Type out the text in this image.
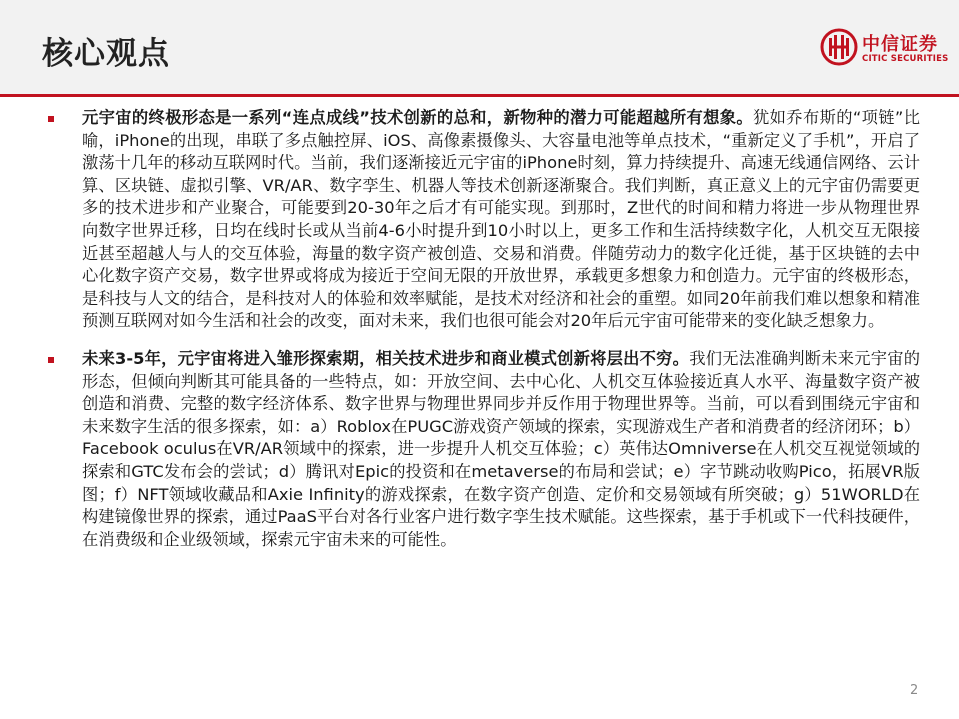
核心观点	中信证券
CITIC SECURITIES
元宇宙的终极形态是一系列“连点成线”技术创新的总和，新物种的潜力可能超越所有想象。犹如乔布斯的“项链”比喻，iPhone的出现，串联了多点触控屏、iOS、高像素摄像头、大容量电池等单点技术，“重新定义了手机”，开启了激荡十几年的移动互联网时代。当前，我们逐渐接近元宇宙的iPhone时刻，算力持续提升、高速无线通信网络、云计算、区块链、虚拟引擎、VR/AR、数字孪生、机器人等技术创新逐渐聚合。我们判断，真正意义上的元宇宙仍需要更多的技术进步和产业聚合，可能要到20-30年之后才有可能实现。到那时，Z世代的时间和精力将进一步从物理世界向数字世界迁移，日均在线时长或从当前4-6小时提升到10小时以上，更多工作和生活持续数字化，人机交互无限接近甚至超越人与人的交互体验，海量的数字资产被创造、交易和消费。伴随劳动力的数字化迁徙，基于区块链的去中心化数字资产交易，数字世界或将成为接近于空间无限的开放世界，承载更多想象力和创造力。元宇宙的终极形态，是科技与人文的结合，是科技对人的体验和效率赋能，是技术对经济和社会的重塑。如同20年前我们难以想象和精准预测互联网对如今生活和社会的改变，面对未来，我们也很可能会对20年后元宇宙可能带来的变化缺乏想象力。
未来3-5年，元宇宙将进入雏形探索期，相关技术进步和商业模式创新将层出不穷。我们无法准确判断未来元宇宙的形态，但倾向判断其可能具备的一些特点，如：开放空间、去中心化、人机交互体验接近真人水平、海量数字资产被创造和消费、完整的数字经济体系、数字世界与物理世界同步并反作用于物理世界等。当前，可以看到围绕元宇宙和未来数字生活的很多探索，如：a）Roblox在PUGC游戏资产领域的探索，实现游戏生产者和消费者的经济闭环；b）Facebook oculus在VR/AR领域中的探索，进一步提升人机交互体验；c）英伟达Omniverse在人机交互视觉领域的探索和GTC发布会的尝试；d）腾讯对Epic的投资和在metaverse的布局和尝试；e）字节跳动收购Pico，拓展VR版图；f）NFT领域收藏品和Axie Infinity的游戏探索，在数字资产创造、定价和交易领域有所突破；g）51WORLD在构建镜像世界的探索，通过PaaS平台对各行业客户进行数字孪生技术赋能。这些探索，基于手机或下一代科技硬件，在消费级和企业级领域，探索元宇宙未来的可能性。
2
